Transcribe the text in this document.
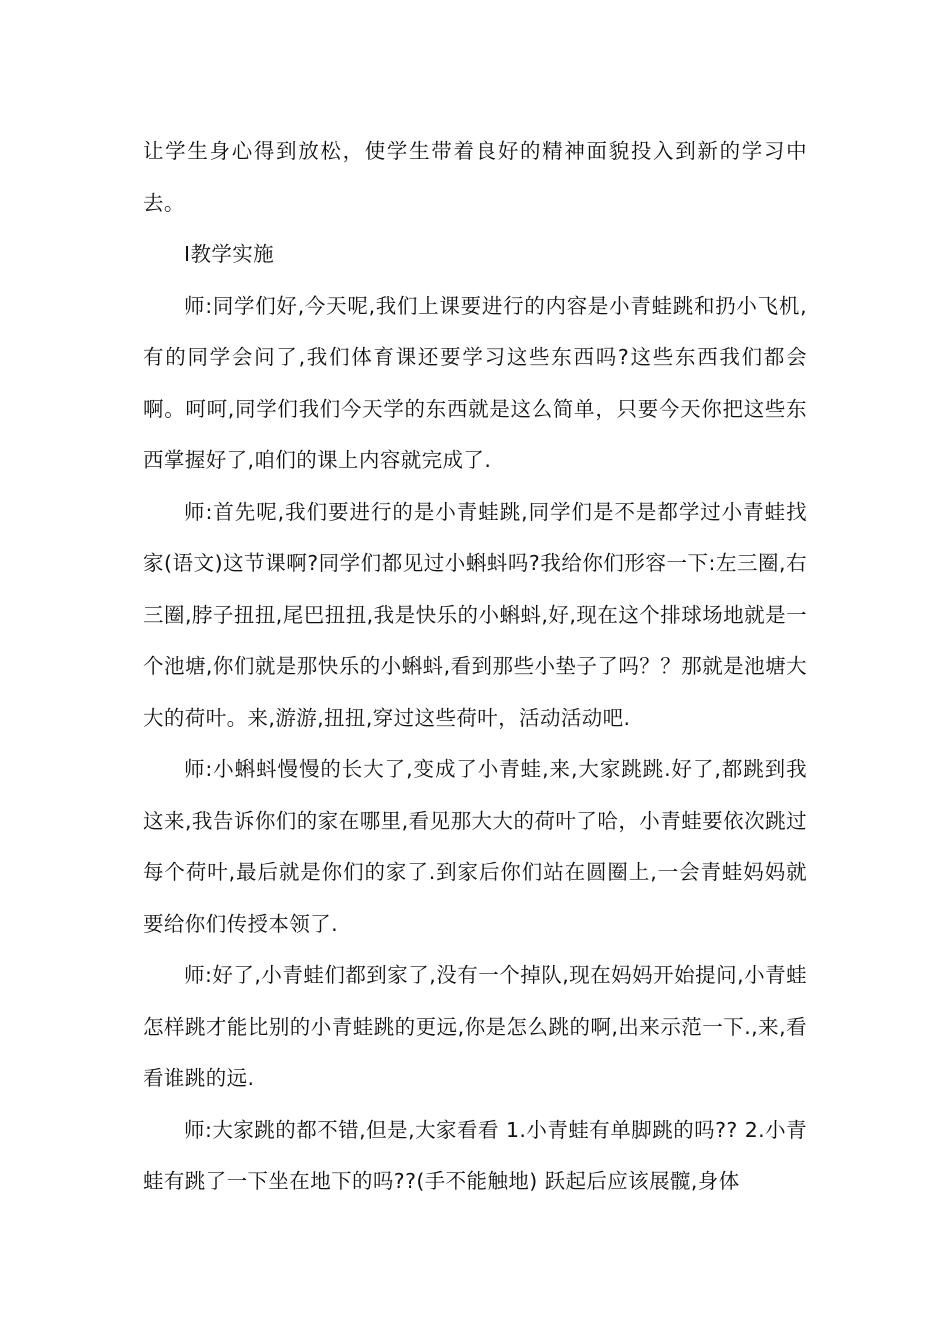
让学生身心得到放松，使学生带着良好的精神面貌投入到新的学习中去。

Ⅰ教学实施

师:同学们好,今天呢,我们上课要进行的内容是小青蛙跳和扔小飞机,有的同学会问了,我们体育课还要学习这些东西吗?这些东西我们都会啊。呵呵,同学们我们今天学的东西就是这么简单，只要今天你把这些东西掌握好了,咱们的课上内容就完成了.

师:首先呢,我们要进行的是小青蛙跳,同学们是不是都学过小青蛙找家(语文)这节课啊?同学们都见过小蝌蚪吗?我给你们形容一下:左三圈,右三圈,脖子扭扭,尾巴扭扭,我是快乐的小蝌蚪,好,现在这个排球场地就是一个池塘,你们就是那快乐的小蝌蚪,看到那些小垫子了吗？？那就是池塘大大的荷叶。来,游游,扭扭,穿过这些荷叶，活动活动吧.

师:小蝌蚪慢慢的长大了,变成了小青蛙,来,大家跳跳.好了,都跳到我这来,我告诉你们的家在哪里,看见那大大的荷叶了哈，小青蛙要依次跳过每个荷叶,最后就是你们的家了.到家后你们站在圆圈上,一会青蛙妈妈就要给你们传授本领了.

师:好了,小青蛙们都到家了,没有一个掉队,现在妈妈开始提问,小青蛙怎样跳才能比别的小青蛙跳的更远,你是怎么跳的啊,出来示范一下.,来,看看谁跳的远.

师:大家跳的都不错,但是,大家看看 1.小青蛙有单脚跳的吗?? 2.小青蛙有跳了一下坐在地下的吗??(手不能触地) 跃起后应该展髋,身体
